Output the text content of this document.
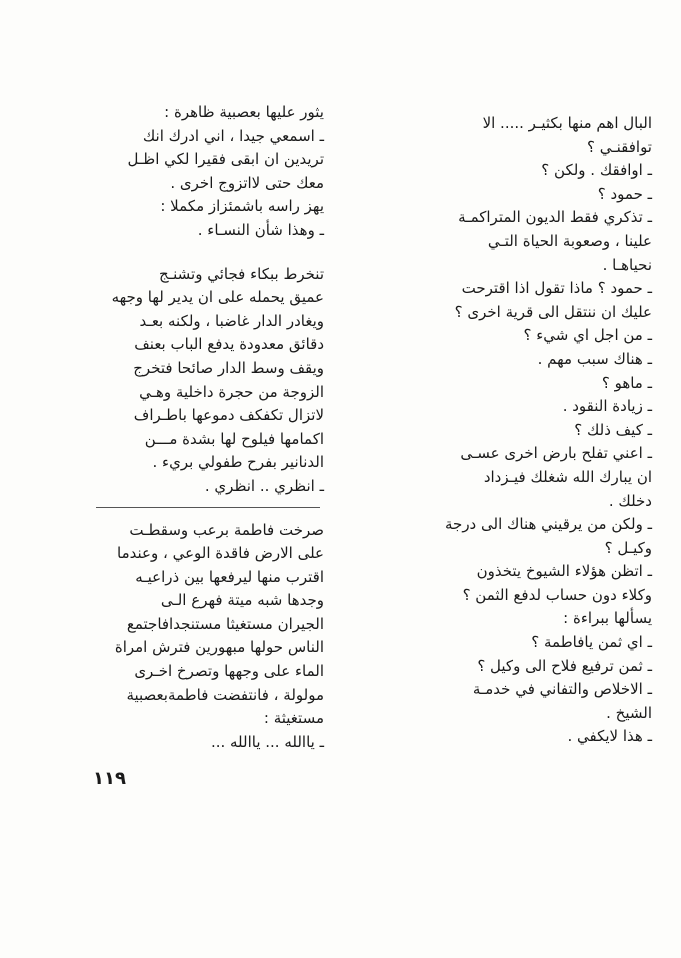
البال اهم منها بكثيـر ..... الا
توافقنـي ؟
ـ اوافقك . ولكن ؟
ـ حمود ؟
ـ تذكري فقط الديون المتراكمـة
علينا ، وصعوبة الحياة التـي
نحياهـا .
ـ حمود ؟ ماذا تقول اذا اقترحت
عليك ان ننتقل الى قرية اخرى ؟
ـ من اجل اي شيء ؟
ـ هناك سبب مهم .
ـ ماهو ؟
ـ زيادة النقود .
ـ كيف ذلك ؟
ـ اعني تفلح بارض اخرى عسـى
ان يبارك الله شغلك فيـزداد
دخلك .
ـ ولكن من يرقيني هناك الى درجة
وكيـل ؟
ـ اتظن هؤلاء الشيوخ يتخذون
وكلاء دون حساب لدفع الثمن ؟
يسألها ببراءة :
ـ اي ثمن يافاطمة ؟
ـ ثمن ترفيع فلاح الى وكيل ؟
ـ الاخلاص والتفاني في خدمـة
الشيخ .
ـ هذا لايكفي .
يثور عليها بعصبية ظاهرة :
ـ اسمعي جيدا ، اني ادرك انك
تريدين ان ابقى فقيرا لكي اظـل
معك حتى لااتزوج اخرى .
يهز راسه باشمئزاز مكملا :
ـ وهذا شأن النسـاء .
تنخرط ببكاء فجائي وتشنـج
عميق يحمله على ان يدير لها وجهه
ويغادر الدار غاضبا ، ولكنه بعـد
دقائق معدودة يدفع الباب بعنف
ويقف وسط الدار صائحا فتخرج
الزوجة من حجرة داخلية وهـي
لاتزال تكفكف دموعها باطـراف
اكمامها فيلوح لها بشدة مـــن
الدنانير بفرح طفولي بريء .
ـ انظري .. انظري .
صرخت فاطمة برعب وسقطـت
على الارض فاقدة الوعي ، وعندما
اقترب منها ليرفعها بين ذراعيـه
وجدها شبه ميتة فهرع الـى
الجيران مستغيثا مستنجدافاجتمع
الناس حولها مبهورين فترش امراة
الماء على وجهها وتصرخ اخـرى
مولولة ، فانتفضت فاطمةبعصبية
مستغيثة :
ـ ياالله ... ياالله ...
١١٩
